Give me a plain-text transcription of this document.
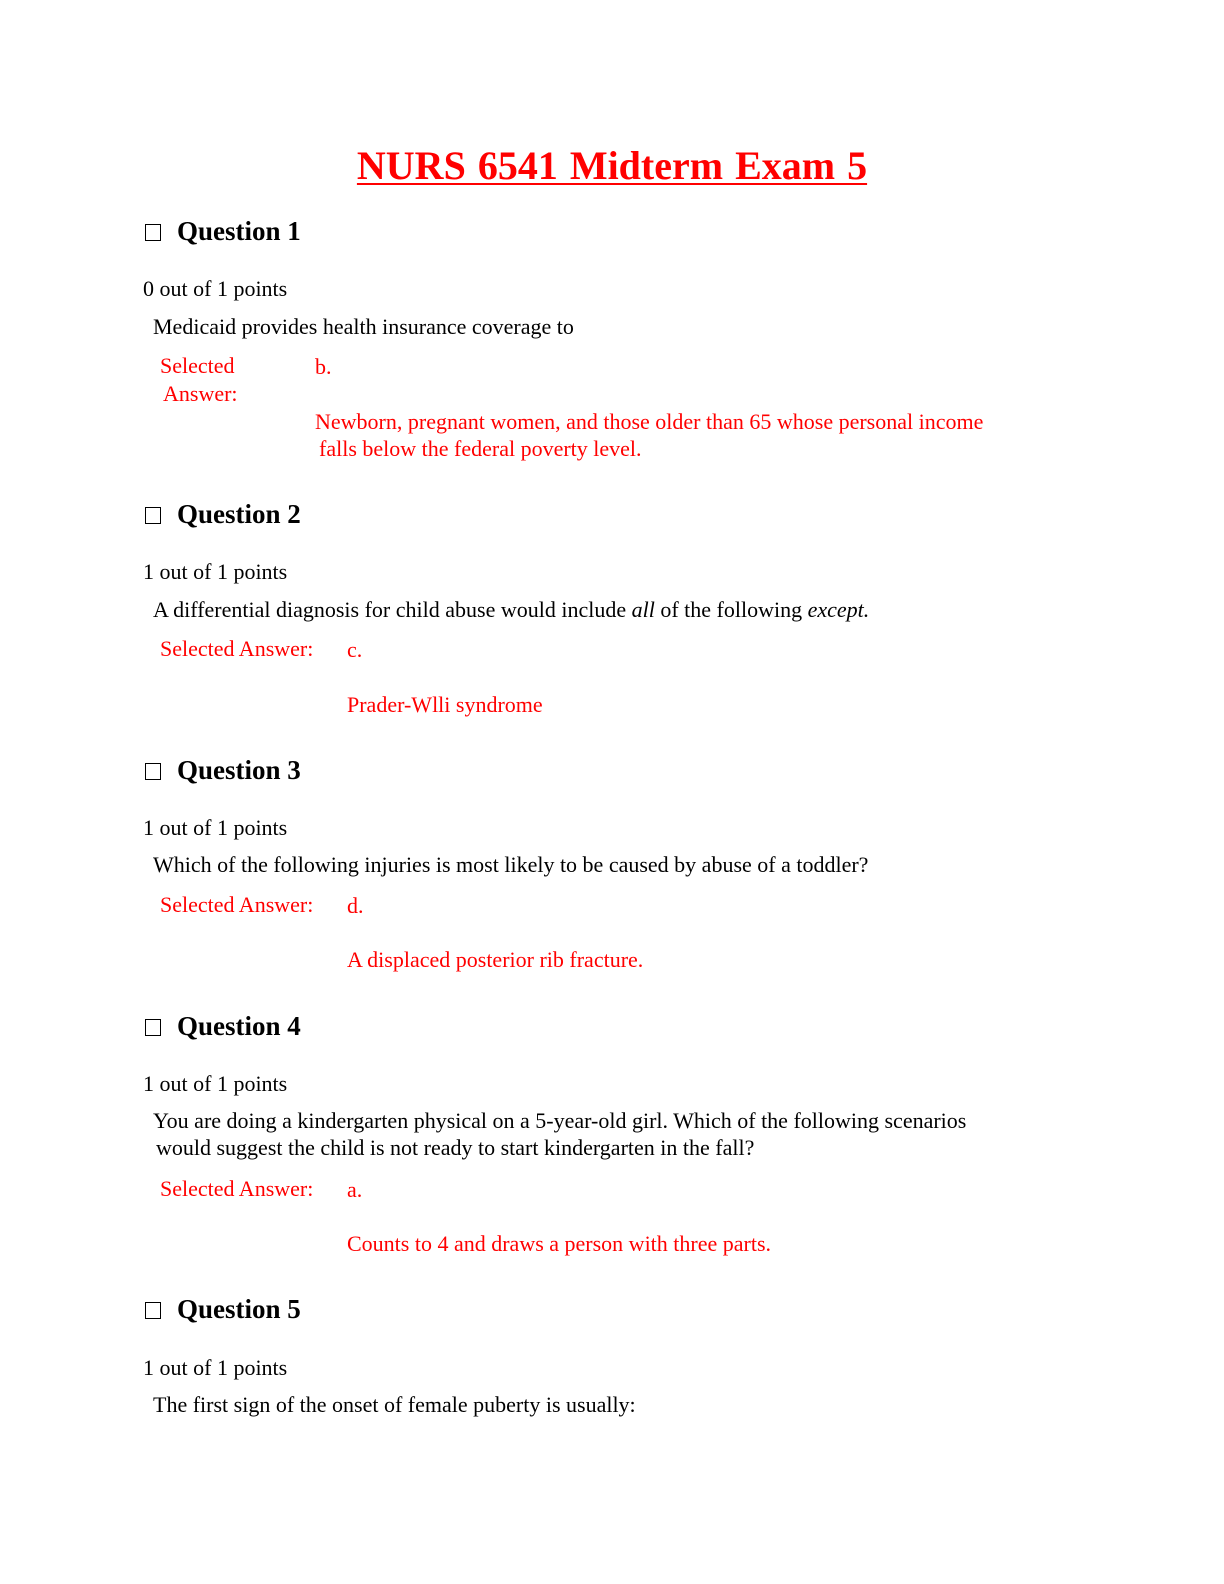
NURS 6541 Midterm Exam 5
Question 1
0 out of 1 points
Medicaid provides health insurance coverage to
Selected
Answer:
b.
Newborn, pregnant women, and those older than 65 whose personal income
falls below the federal poverty level.
Question 2
1 out of 1 points
A differential diagnosis for child abuse would include all of the following except.
Selected Answer: c.
Prader-Wlli syndrome
Question 3
1 out of 1 points
Which of the following injuries is most likely to be caused by abuse of a toddler?
Selected Answer: d.
A displaced posterior rib fracture.
Question 4
1 out of 1 points
You are doing a kindergarten physical on a 5-year-old girl. Which of the following scenarios
would suggest the child is not ready to start kindergarten in the fall?
Selected Answer: a.
Counts to 4 and draws a person with three parts.
Question 5
1 out of 1 points
The first sign of the onset of female puberty is usually:
